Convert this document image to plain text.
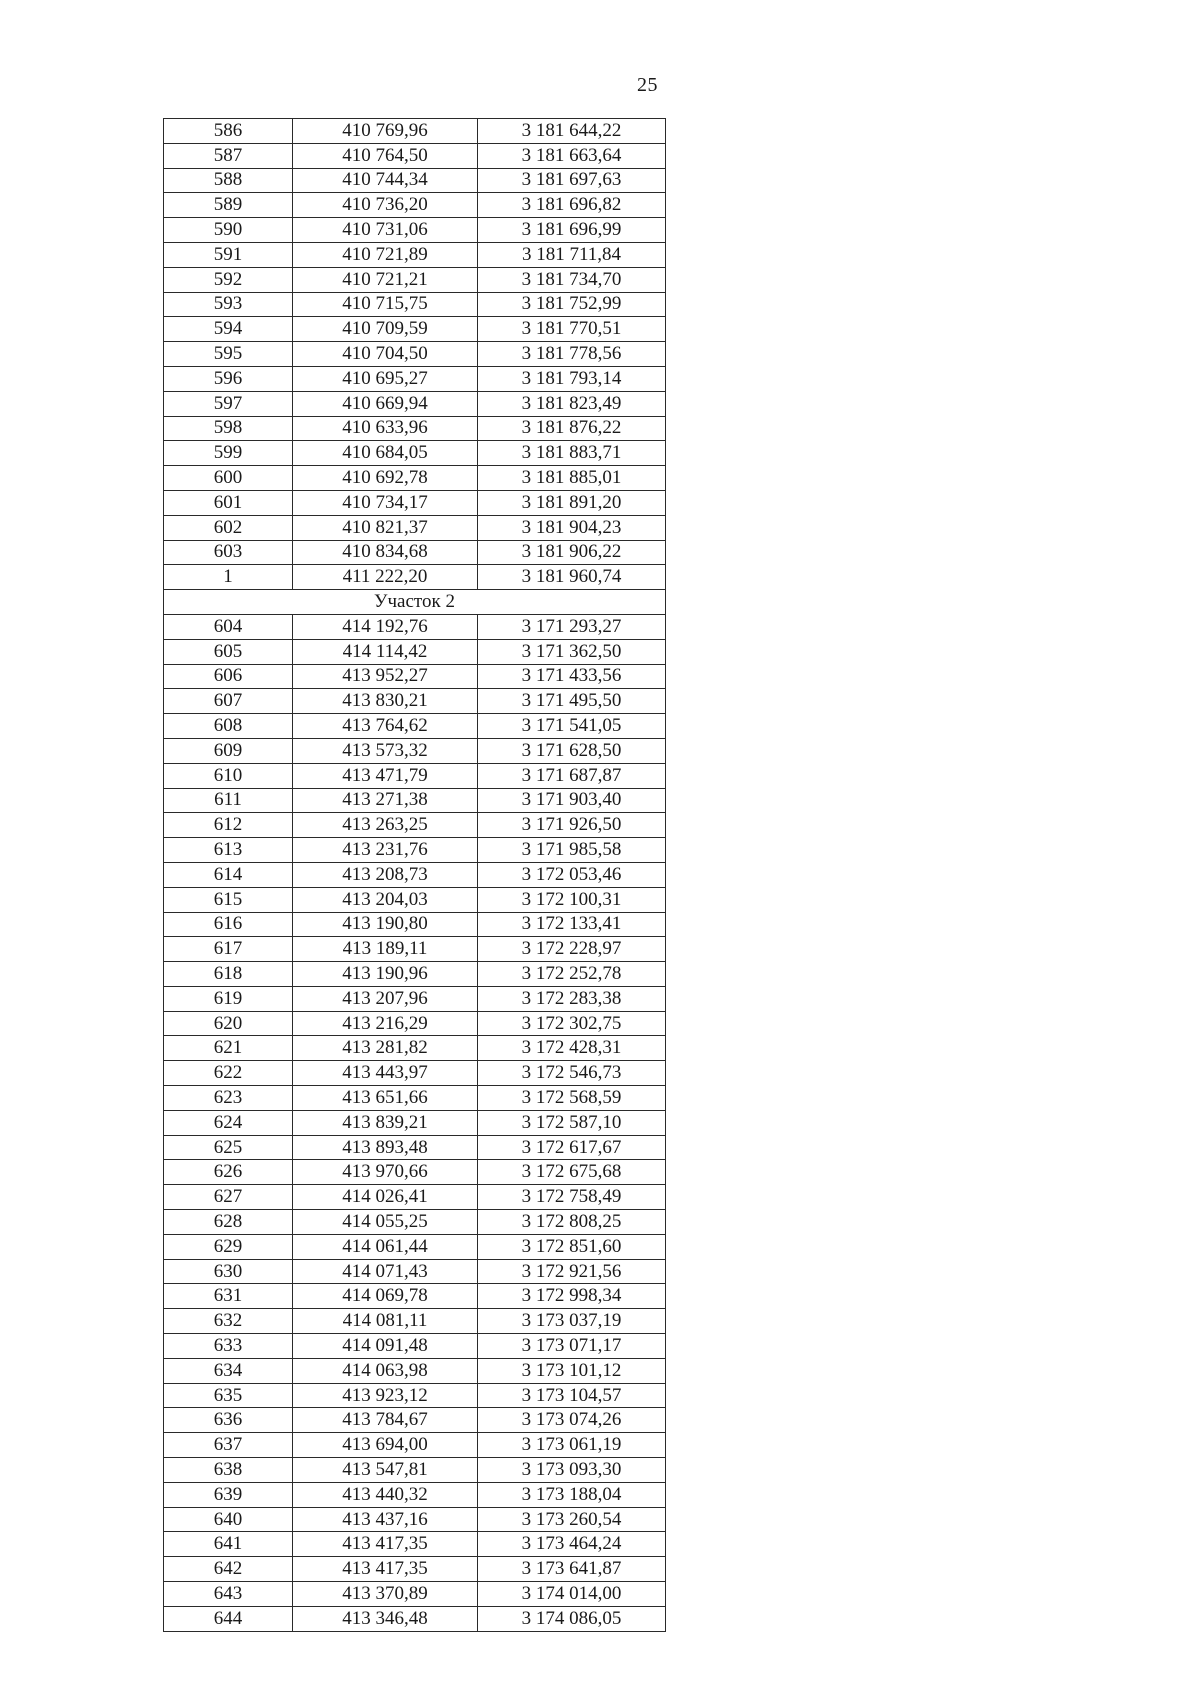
25
586	410 769,96	3 181 644,22
587	410 764,50	3 181 663,64
588	410 744,34	3 181 697,63
589	410 736,20	3 181 696,82
590	410 731,06	3 181 696,99
591	410 721,89	3 181 711,84
592	410 721,21	3 181 734,70
593	410 715,75	3 181 752,99
594	410 709,59	3 181 770,51
595	410 704,50	3 181 778,56
596	410 695,27	3 181 793,14
597	410 669,94	3 181 823,49
598	410 633,96	3 181 876,22
599	410 684,05	3 181 883,71
600	410 692,78	3 181 885,01
601	410 734,17	3 181 891,20
602	410 821,37	3 181 904,23
603	410 834,68	3 181 906,22
1	411 222,20	3 181 960,74
Участок 2		
604	414 192,76	3 171 293,27
605	414 114,42	3 171 362,50
606	413 952,27	3 171 433,56
607	413 830,21	3 171 495,50
608	413 764,62	3 171 541,05
609	413 573,32	3 171 628,50
610	413 471,79	3 171 687,87
611	413 271,38	3 171 903,40
612	413 263,25	3 171 926,50
613	413 231,76	3 171 985,58
614	413 208,73	3 172 053,46
615	413 204,03	3 172 100,31
616	413 190,80	3 172 133,41
617	413 189,11	3 172 228,97
618	413 190,96	3 172 252,78
619	413 207,96	3 172 283,38
620	413 216,29	3 172 302,75
621	413 281,82	3 172 428,31
622	413 443,97	3 172 546,73
623	413 651,66	3 172 568,59
624	413 839,21	3 172 587,10
625	413 893,48	3 172 617,67
626	413 970,66	3 172 675,68
627	414 026,41	3 172 758,49
628	414 055,25	3 172 808,25
629	414 061,44	3 172 851,60
630	414 071,43	3 172 921,56
631	414 069,78	3 172 998,34
632	414 081,11	3 173 037,19
633	414 091,48	3 173 071,17
634	414 063,98	3 173 101,12
635	413 923,12	3 173 104,57
636	413 784,67	3 173 074,26
637	413 694,00	3 173 061,19
638	413 547,81	3 173 093,30
639	413 440,32	3 173 188,04
640	413 437,16	3 173 260,54
641	413 417,35	3 173 464,24
642	413 417,35	3 173 641,87
643	413 370,89	3 174 014,00
644	413 346,48	3 174 086,05
